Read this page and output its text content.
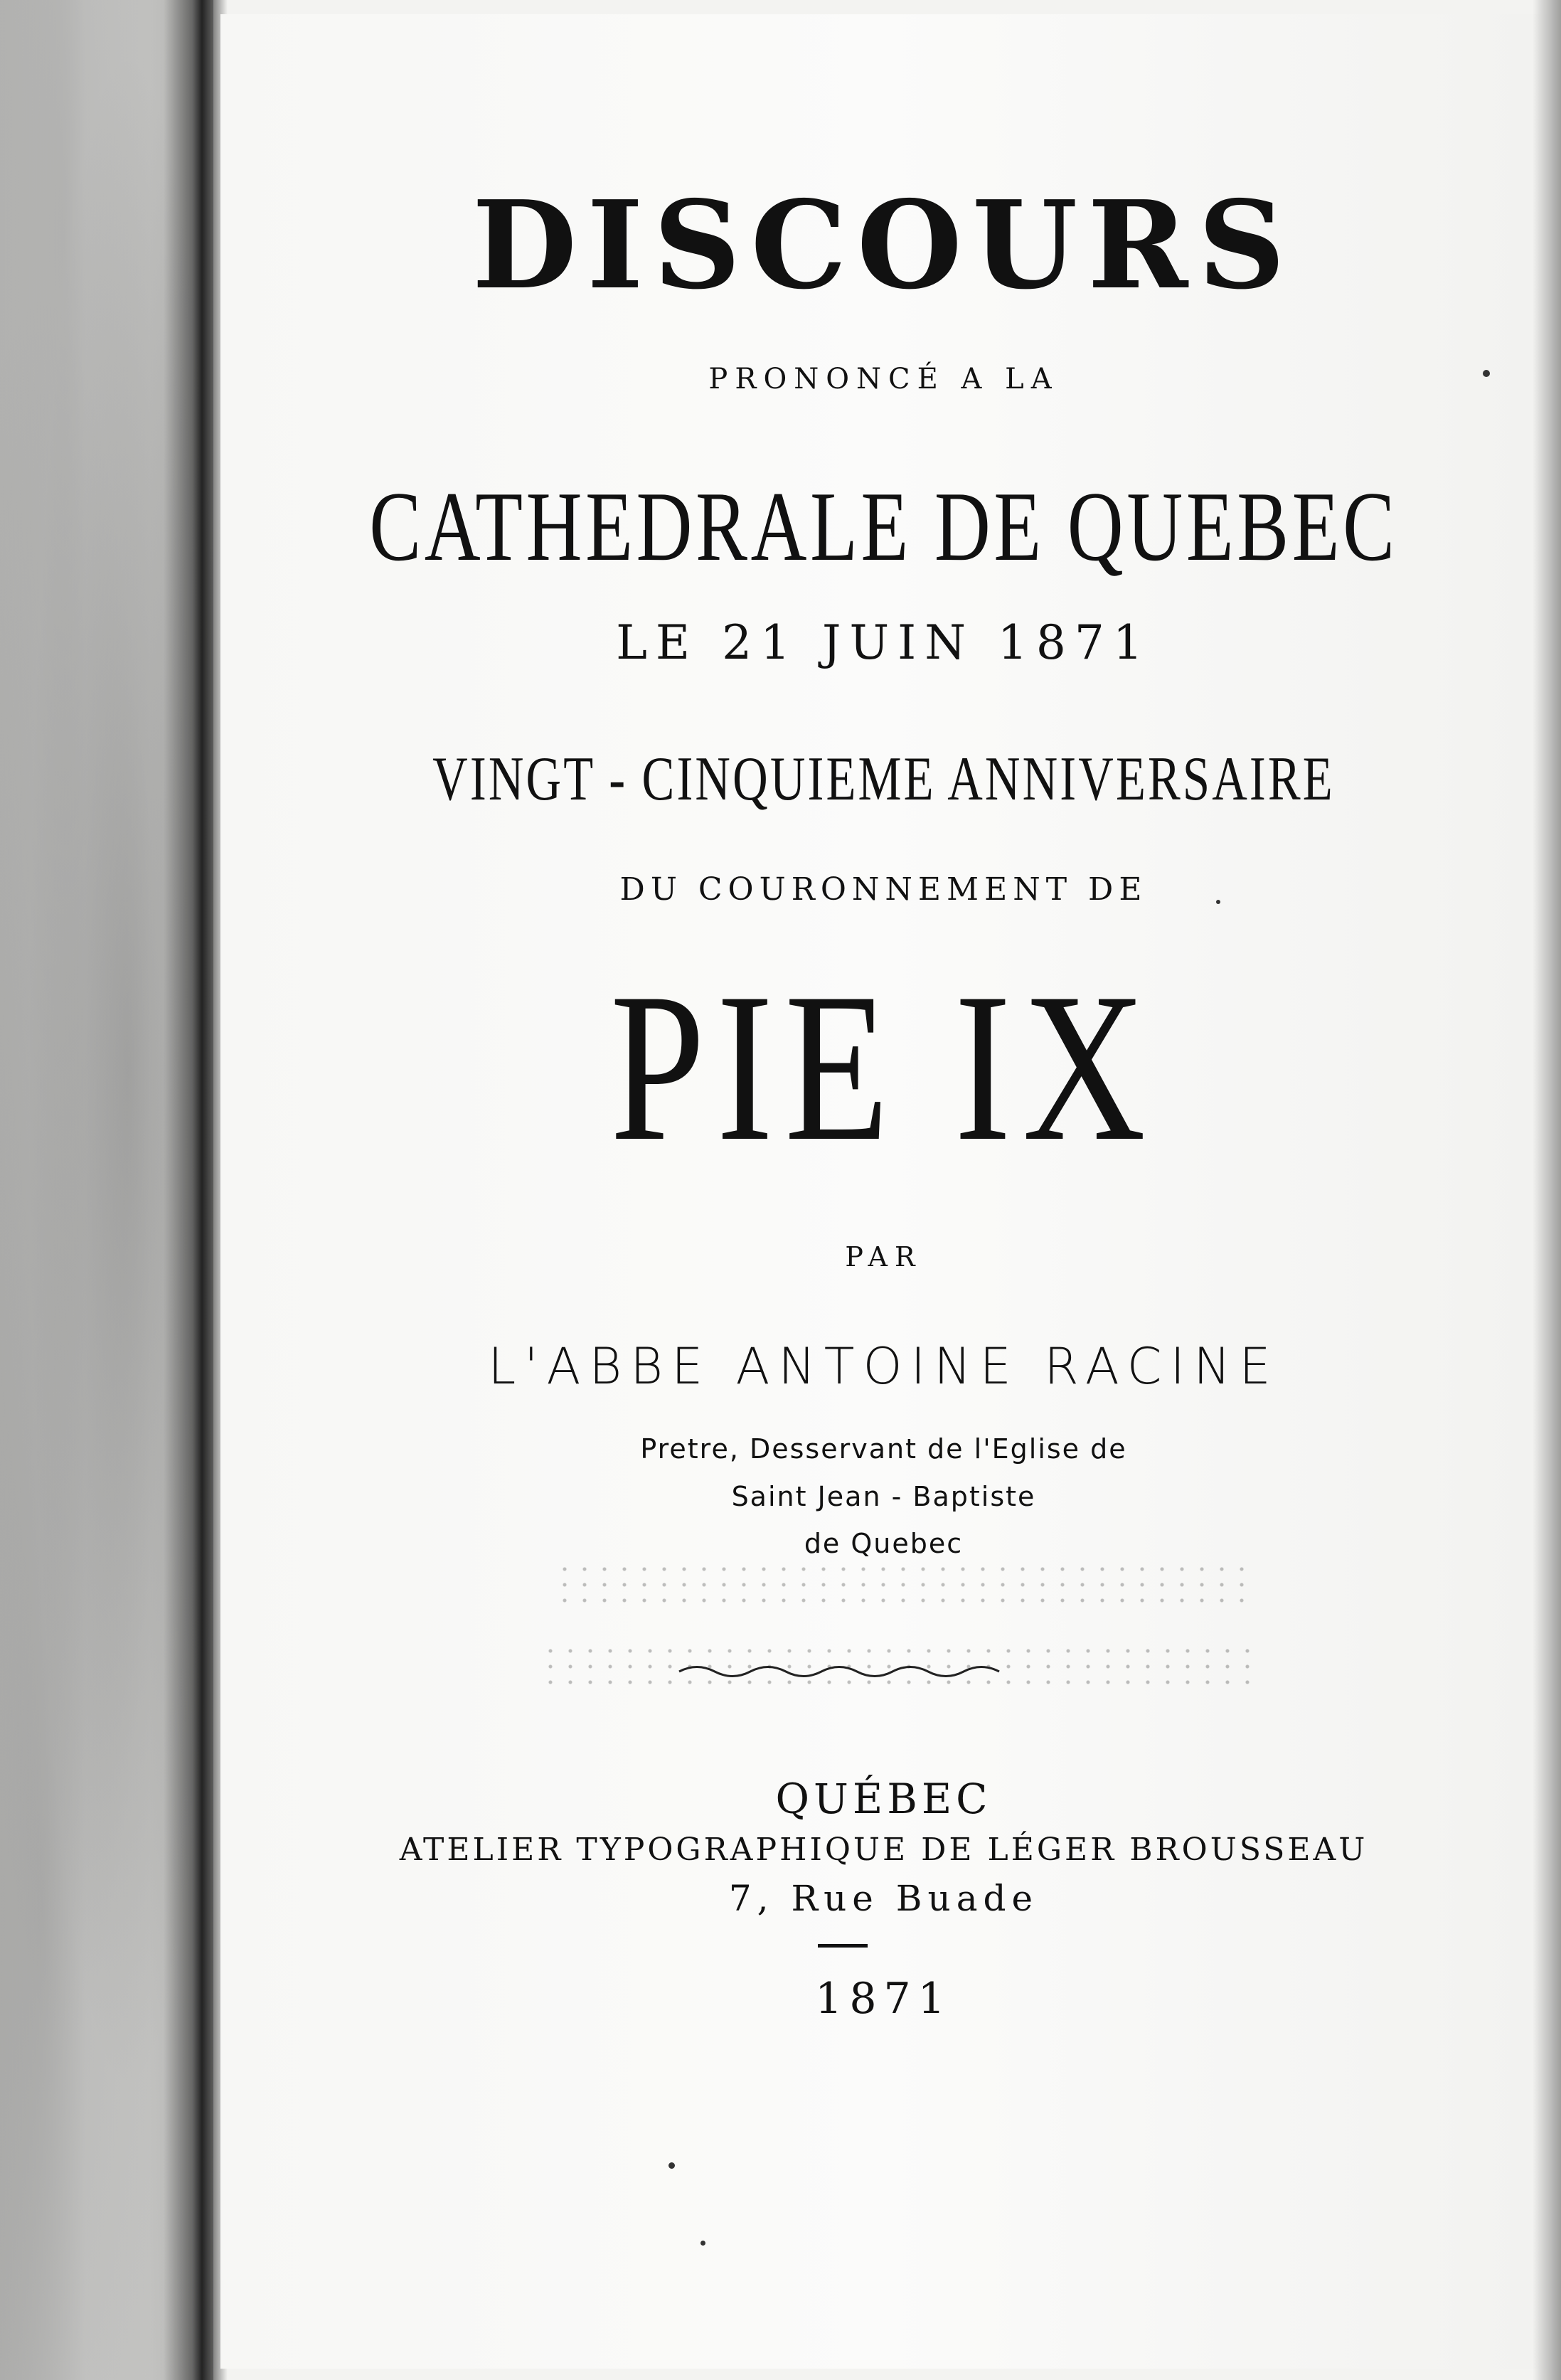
DISCOURS
PRONONCÉ A LA
CATHEDRALE DE QUEBEC
LE 21 JUIN 1871
VINGT - CINQUIEME ANNIVERSAIRE
DU COURONNEMENT DE
PIE IX
PAR
L'ABBE ANTOINE RACINE
Pretre, Desservant de l'Eglise de
Saint Jean - Baptiste
de Quebec
QUÉBEC
ATELIER TYPOGRAPHIQUE DE LÉGER BROUSSEAU
7, Rue Buade
1871
